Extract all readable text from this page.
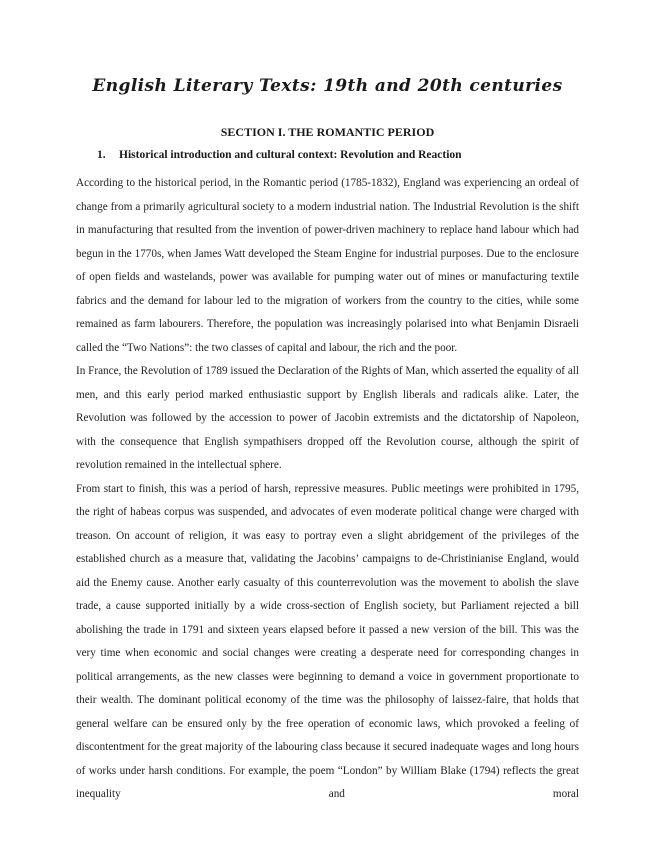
English Literary Texts: 19th and 20th centuries
SECTION I. THE ROMANTIC PERIOD
1. Historical introduction and cultural context: Revolution and Reaction

According to the historical period, in the Romantic period (1785-1832), England was experiencing an ordeal of change from a primarily agricultural society to a modern industrial nation. The Industrial Revolution is the shift in manufacturing that resulted from the invention of power-driven machinery to replace hand labour which had begun in the 1770s, when James Watt developed the Steam Engine for industrial purposes. Due to the enclosure of open fields and wastelands, power was available for pumping water out of mines or manufacturing textile fabrics and the demand for labour led to the migration of workers from the country to the cities, while some remained as farm labourers. Therefore, the population was increasingly polarised into what Benjamin Disraeli called the “Two Nations”: the two classes of capital and labour, the rich and the poor.

In France, the Revolution of 1789 issued the Declaration of the Rights of Man, which asserted the equality of all men, and this early period marked enthusiastic support by English liberals and radicals alike. Later, the Revolution was followed by the accession to power of Jacobin extremists and the dictatorship of Napoleon, with the consequence that English sympathisers dropped off the Revolution course, although the spirit of revolution remained in the intellectual sphere.

From start to finish, this was a period of harsh, repressive measures. Public meetings were prohibited in 1795, the right of habeas corpus was suspended, and advocates of even moderate political change were charged with treason. On account of religion, it was easy to portray even a slight abridgement of the privileges of the established church as a measure that, validating the Jacobins’ campaigns to de-Christinianise England, would aid the Enemy cause. Another early casualty of this counterrevolution was the movement to abolish the slave trade, a cause supported initially by a wide cross-section of English society, but Parliament rejected a bill abolishing the trade in 1791 and sixteen years elapsed before it passed a new version of the bill. This was the very time when economic and social changes were creating a desperate need for corresponding changes in political arrangements, as the new classes were beginning to demand a voice in government proportionate to their wealth. The dominant political economy of the time was the philosophy of laissez-faire, that holds that general welfare can be ensured only by the free operation of economic laws, which provoked a feeling of discontentment for the great majority of the labouring class because it secured inadequate wages and long hours of works under harsh conditions. For example, the poem “London” by William Blake (1794) reflects the great inequality and moral
